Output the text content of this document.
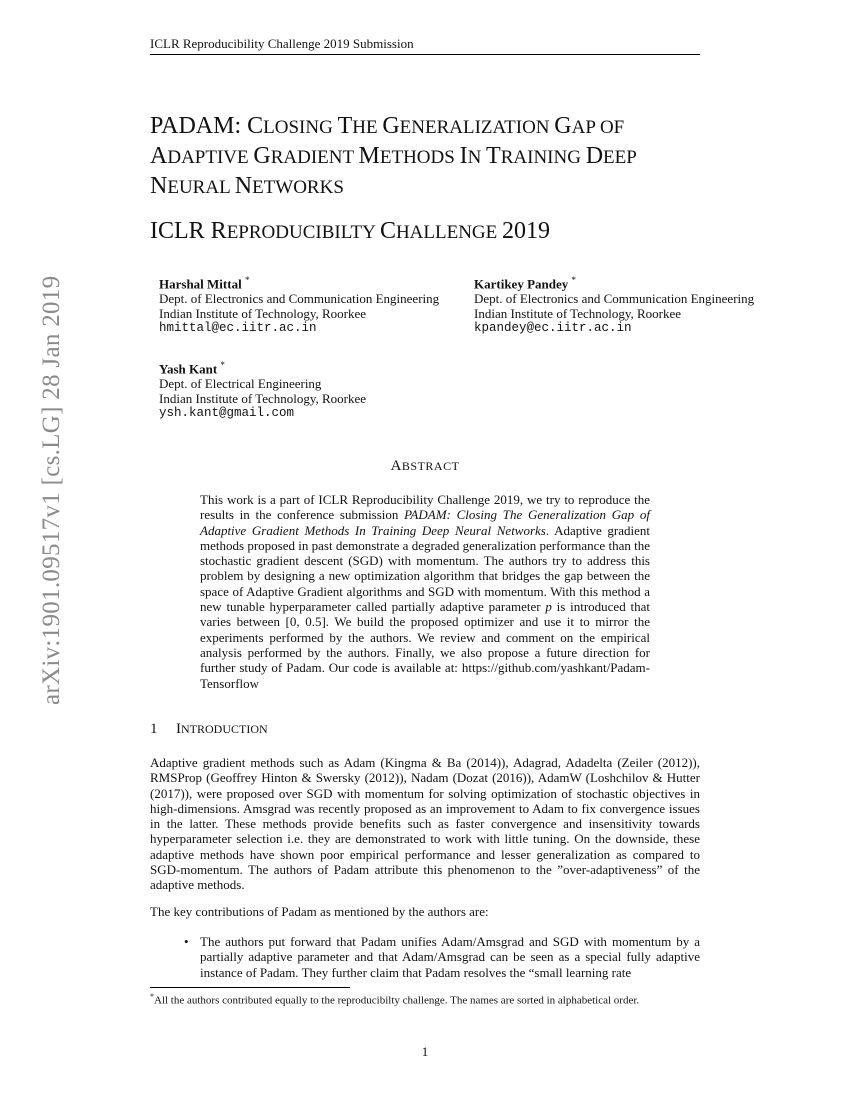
ICLR Reproducibility Challenge 2019 Submission
arXiv:1901.09517v1 [cs.LG] 28 Jan 2019
PADAM: CLOSING THE GENERALIZATION GAP OF
ADAPTIVE GRADIENT METHODS IN TRAINING DEEP
NEURAL NETWORKS
ICLR REPRODUCIBILTY CHALLENGE 2019
Harshal Mittal *
Dept. of Electronics and Communication Engineering
Indian Institute of Technology, Roorkee
hmittal@ec.iitr.ac.in
Kartikey Pandey *
Dept. of Electronics and Communication Engineering
Indian Institute of Technology, Roorkee
kpandey@ec.iitr.ac.in
Yash Kant *
Dept. of Electrical Engineering
Indian Institute of Technology, Roorkee
ysh.kant@gmail.com
ABSTRACT

This work is a part of ICLR Reproducibility Challenge 2019, we try to reproduce the results in the conference submission PADAM: Closing The Generalization Gap of Adaptive Gradient Methods In Training Deep Neural Networks. Adaptive gradient methods proposed in past demonstrate a degraded generalization performance than the stochastic gradient descent (SGD) with momentum. The authors try to address this problem by designing a new optimization algorithm that bridges the gap between the space of Adaptive Gradient algorithms and SGD with momentum. With this method a new tunable hyperparameter called partially adaptive parameter p is introduced that varies between [0, 0.5]. We build the proposed optimizer and use it to mirror the experiments performed by the authors. We review and comment on the empirical analysis performed by the authors. Finally, we also propose a future direction for further study of Padam. Our code is available at: https://github.com/yashkant/Padam-Tensorflow

1 INTRODUCTION

Adaptive gradient methods such as Adam (Kingma & Ba (2014)), Adagrad, Adadelta (Zeiler (2012)), RMSProp (Geoffrey Hinton & Swersky (2012)), Nadam (Dozat (2016)), AdamW (Loshchilov & Hutter (2017)), were proposed over SGD with momentum for solving optimization of stochastic objectives in high-dimensions. Amsgrad was recently proposed as an improvement to Adam to fix convergence issues in the latter. These methods provide benefits such as faster convergence and insensitivity towards hyperparameter selection i.e. they are demonstrated to work with little tuning. On the downside, these adaptive methods have shown poor empirical performance and lesser generalization as compared to SGD-momentum. The authors of Padam attribute this phenomenon to the ”over-adaptiveness” of the adaptive methods.

The key contributions of Padam as mentioned by the authors are:

• The authors put forward that Padam unifies Adam/Amsgrad and SGD with momentum by a partially adaptive parameter and that Adam/Amsgrad can be seen as a special fully adaptive instance of Padam. They further claim that Padam resolves the “small learning rate
*All the authors contributed equally to the reproducibilty challenge. The names are sorted in alphabetical order.
1
